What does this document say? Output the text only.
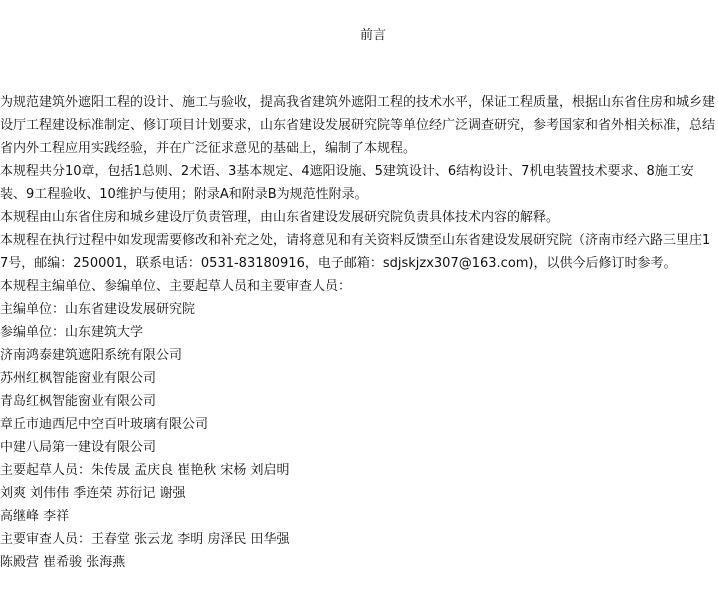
前言

为规范建筑外遮阳工程的设计、施工与验收，提高我省建筑外遮阳工程的技术水平，保证工程质量，根据山东省住房和城乡建设厅工程建设标准制定、修订项目计划要求，山东省建设发展研究院等单位经广泛调查研究，参考国家和省外相关标准，总结省内外工程应用实践经验，并在广泛征求意见的基础上，编制了本规程。

本规程共分10章，包括1总则、2术语、3基本规定、4遮阳设施、5建筑设计、6结构设计、7机电装置技术要求、8施工安装、9工程验收、10维护与使用；附录A和附录B为规范性附录。

本规程由山东省住房和城乡建设厅负责管理，由山东省建设发展研究院负责具体技术内容的解释。

本规程在执行过程中如发现需要修改和补充之处，请将意见和有关资料反馈至山东省建设发展研究院（济南市经六路三里庄17号，邮编：250001，联系电话：0531-83180916，电子邮箱：sdjskjzx307@163.com)，以供今后修订时参考。

本规程主编单位、参编单位、主要起草人员和主要审查人员：

主编单位：山东省建设发展研究院

参编单位：山东建筑大学

济南鸿泰建筑遮阳系统有限公司

苏州红枫智能窗业有限公司

青岛红枫智能窗业有限公司

章丘市迪西尼中空百叶玻璃有限公司

中建八局第一建设有限公司

主要起草人员：朱传晟 孟庆良 崔艳秋 宋杨 刘启明

刘爽 刘伟伟 季连荣 苏衍记 谢强

高继峰 李祥

主要审查人员：王春堂 张云龙 李明 房泽民 田华强

陈殿营 崔希骏 张海燕
